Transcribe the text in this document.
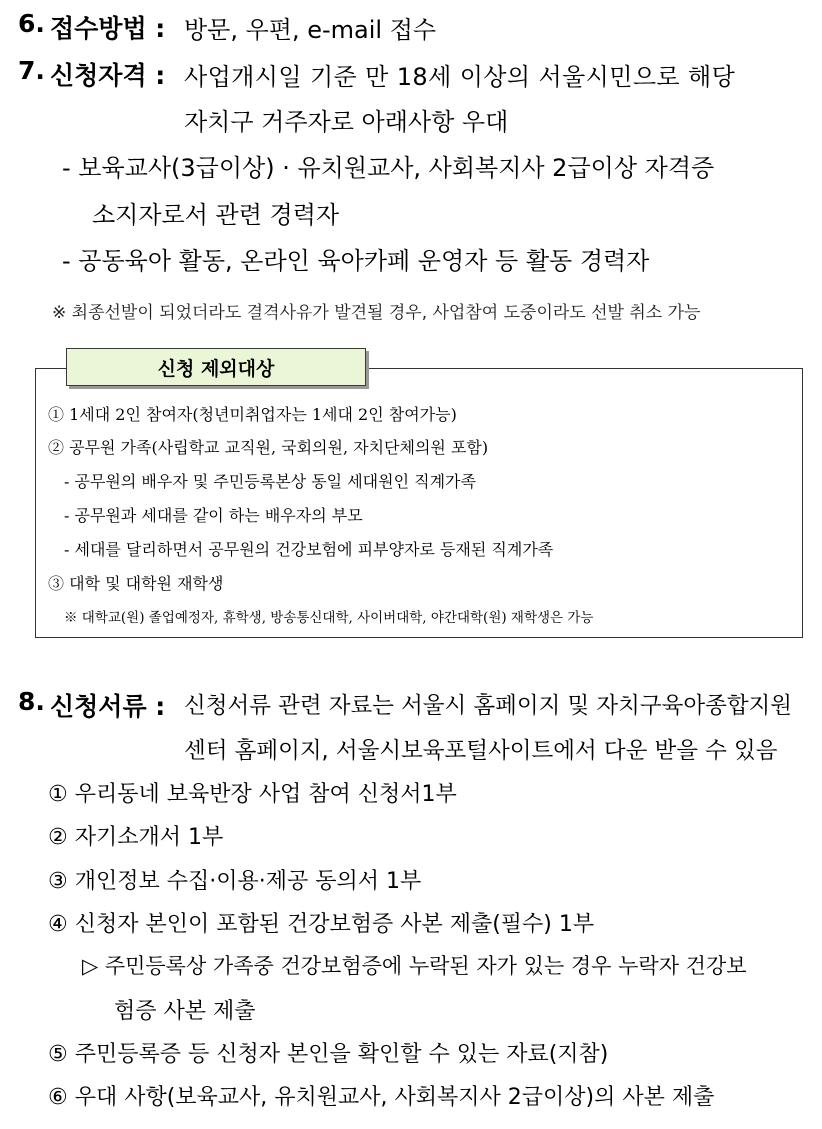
6. 접수방법 : 방문, 우편, e-mail 접수
7. 신청자격 : 사업개시일 기준 만 18세 이상의 서울시민으로 해당
자치구 거주자로 아래사항 우대
- 보육교사(3급이상) · 유치원교사, 사회복지사 2급이상 자격증
소지자로서 관련 경력자
- 공동육아 활동, 온라인 육아카페 운영자 등 활동 경력자
※ 최종선발이 되었더라도 결격사유가 발견될 경우, 사업참여 도중이라도 선발 취소 가능
신청 제외대상
① 1세대 2인 참여자(청년미취업자는 1세대 2인 참여가능)
② 공무원 가족(사립학교 교직원, 국회의원, 자치단체의원 포함)
- 공무원의 배우자 및 주민등록본상 동일 세대원인 직계가족
- 공무원과 세대를 같이 하는 배우자의 부모
- 세대를 달리하면서 공무원의 건강보험에 피부양자로 등재된 직계가족
③ 대학 및 대학원 재학생
※ 대학교(원) 졸업예정자, 휴학생, 방송통신대학, 사이버대학, 야간대학(원) 재학생은 가능
8. 신청서류 : 신청서류 관련 자료는 서울시 홈페이지 및 자치구육아종합지원
센터 홈페이지, 서울시보육포털사이트에서 다운 받을 수 있음
① 우리동네 보육반장 사업 참여 신청서1부
② 자기소개서 1부
③ 개인정보 수집·이용·제공 동의서 1부
④ 신청자 본인이 포함된 건강보험증 사본 제출(필수) 1부
▷ 주민등록상 가족중 건강보험증에 누락된 자가 있는 경우 누락자 건강보
험증 사본 제출
⑤ 주민등록증 등 신청자 본인을 확인할 수 있는 자료(지참)
⑥ 우대 사항(보육교사, 유치원교사, 사회복지사 2급이상)의 사본 제출
